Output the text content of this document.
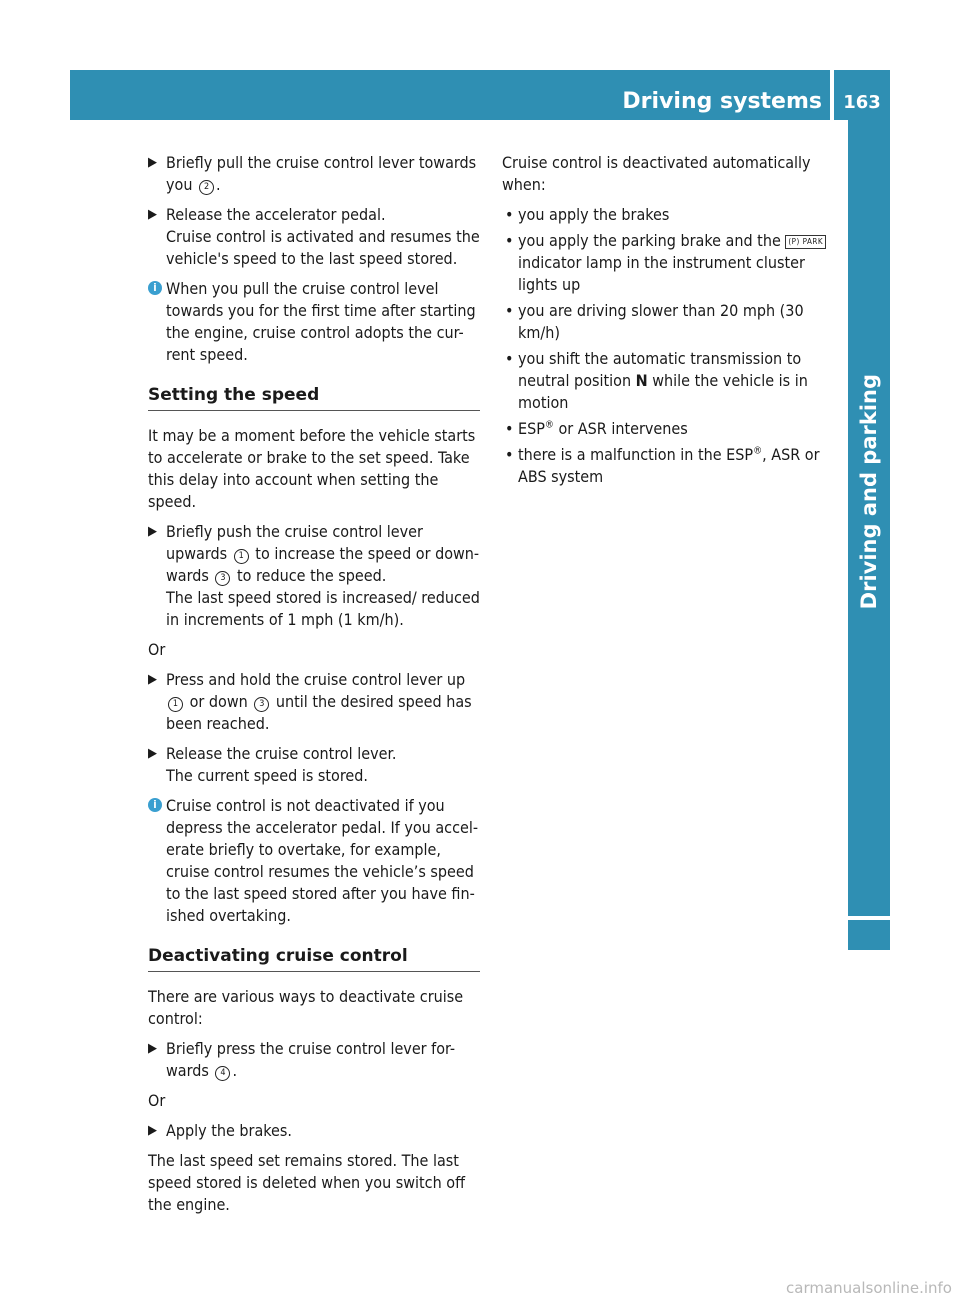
Driving systems	163
Driving and parking
▶ Briefly pull the cruise control lever towards you 2 .
▶ Release the accelerator pedal.
Cruise control is activated and resumes the vehicle's speed to the last speed stored.
i When you pull the cruise control level towards you for the first time after starting the engine, cruise control adopts the cur-rent speed.
Setting the speed

It may be a moment before the vehicle starts to accelerate or brake to the set speed. Take this delay into account when setting the speed.

▶ Briefly push the cruise control lever upwards 1 to increase the speed or down-wards 3 to reduce the speed.
The last speed stored is increased/ reduced in increments of 1 mph (1 km/h).

Or

▶ Press and hold the cruise control lever up 1 or down 3 until the desired speed has been reached.
▶ Release the cruise control lever.
The current speed is stored.
i Cruise control is not deactivated if you depress the accelerator pedal. If you accel-erate briefly to overtake, for example, cruise control resumes the vehicle’s speed to the last speed stored after you have fin-ished overtaking.
Deactivating cruise control

There are various ways to deactivate cruise control:

▶ Briefly press the cruise control lever for-wards 4 .

Or

▶ Apply the brakes.

The last speed set remains stored. The last speed stored is deleted when you switch off the engine.

Cruise control is deactivated automatically when:

• you apply the brakes
• you apply the parking brake and the (P) PARK indicator lamp in the instrument cluster lights up
• you are driving slower than 20 mph (30 km/h)
• you shift the automatic transmission to neutral position N while the vehicle is in motion
• ESP® or ASR intervenes
• there is a malfunction in the ESP®, ASR or ABS system
carmanualsonline.info
